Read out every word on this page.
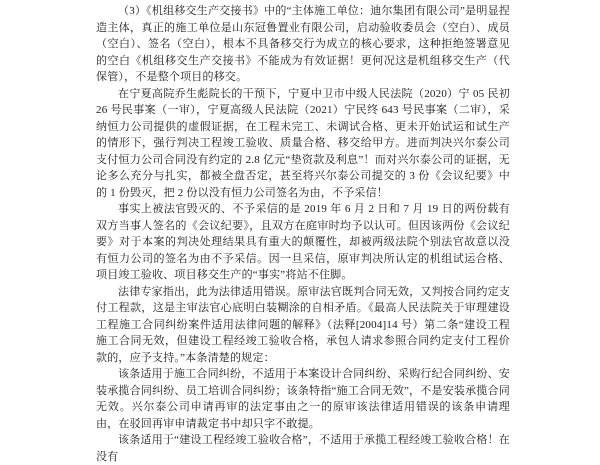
（3）《机组移交生产交接书》中的“主体施工单位：迪尔集团有限公司”是明显捏造主体，真正的施工单位是山东冠鲁置业有限公司，启动验收委员会（空白）、成员（空白）、签名（空白），根本不具备移交行为成立的核心要求，这种拒绝签署意见的空白《机组移交生产交接书》不能成为有效证据！更何况这是机组移交生产（代保管），不是整个项目的移交。

在宁夏高院乔生彪院长的干预下，宁夏中卫市中级人民法院（2020）宁 05 民初 26 号民事案（一审），宁夏高级人民法院（2021）宁民终 643 号民事案（二审），采纳恒力公司提供的虚假证据，在工程未完工、未调试合格、更未开始试运和试生产的情形下，强行判决工程竣工验收、质量合格、移交给甲方。进而判决兴尔泰公司支付恒力公司合同没有约定的 2.8 亿元“垫资款及利息”！而对兴尔泰公司的证据，无论多么充分与扎实，都被全盘否定，甚至将兴尔泰公司提交的 3 份《会议纪要》中的 1 份毁灭，把 2 份以没有恒力公司签名为由，不予采信！

事实上被法官毁灭的、不予采信的是 2019 年 6 月 2 日和 7 月 19 日的两份载有双方当事人签名的《会议纪要》，且双方在庭审时均予以认可。但因该两份《会议纪要》对于本案的判决处理结果具有重大的颠覆性，却被两级法院个别法官故意以没有恒力公司的签名为由不予采信。因一旦采信，原审判决所认定的机组试运合格、项目竣工验收、项目移交生产的“事实”将站不住脚。

法律专家指出，此为法律适用错误。原审法官既判合同无效，又判按合同约定支付工程款，这是主审法官心底明白装糊涂的自相矛盾。《最高人民法院关于审理建设工程施工合同纠纷案件适用法律问题的解释》（法释[2004]14 号）第二条“建设工程施工合同无效，但建设工程经竣工验收合格，承包人请求参照合同约定支付工程价款的，应予支持。”本条清楚的规定：

该条适用于施工合同纠纷，不适用于本案设计合同纠纷、采购行纪合同纠纷、安装承揽合同纠纷、员工培训合同纠纷；该条特指“施工合同无效”，不是安装承揽合同无效。兴尔泰公司申请再审的法定事由之一的原审该法律适用错误的该条申请理由，在驳回再审申请裁定书中却只字不敢提。

该条适用于“建设工程经竣工验收合格”，不适用于承揽工程经竣工验收合格！在没有
